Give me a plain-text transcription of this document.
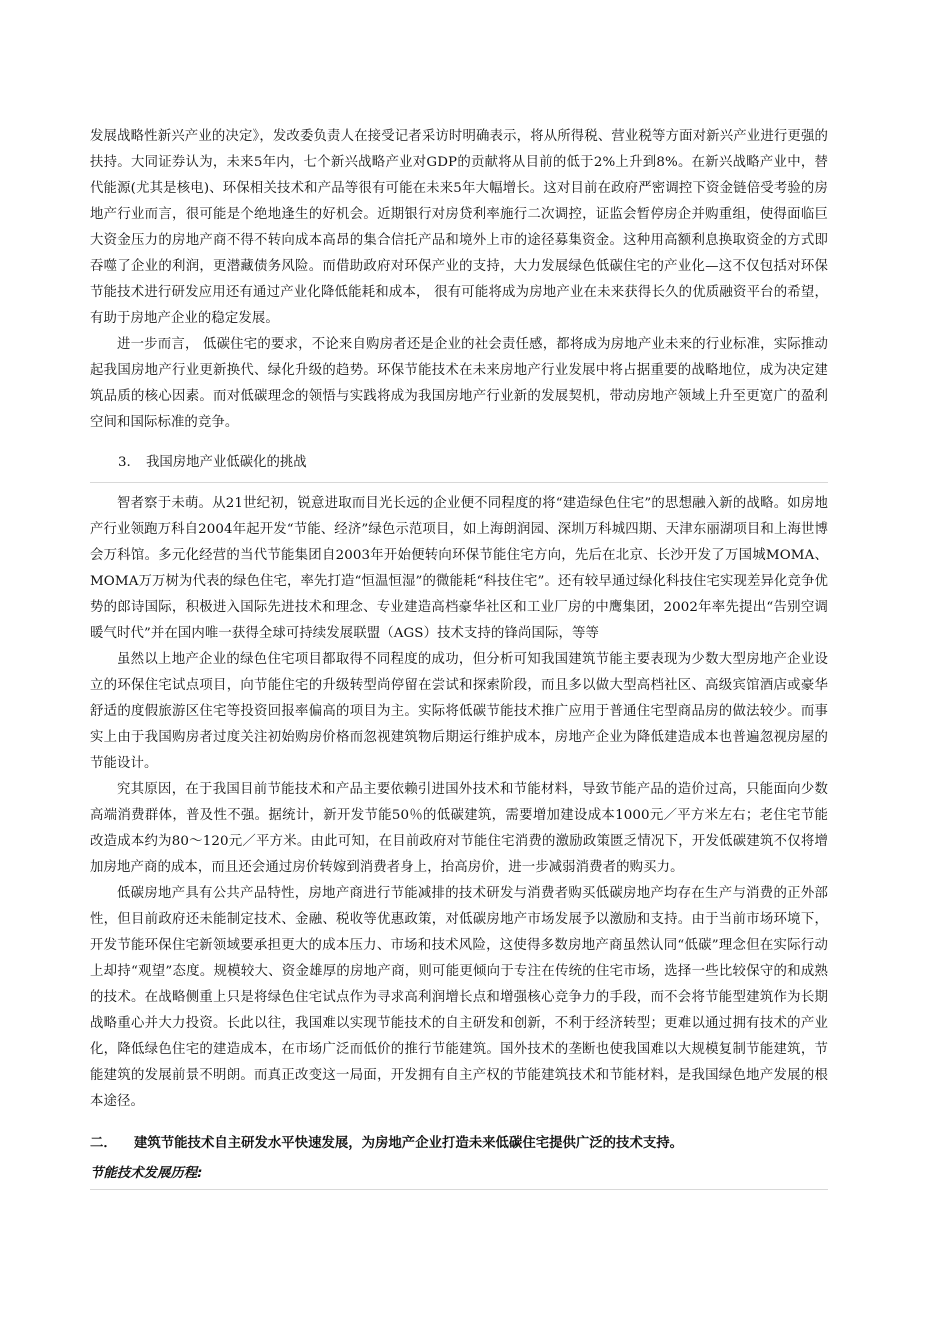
发展战略性新兴产业的决定》，发改委负责人在接受记者采访时明确表示，将从所得税、营业税等方面对新兴产业进行更强的扶持。大同证券认为，未来5年内，七个新兴战略产业对GDP的贡献将从目前的低于2%上升到8%。在新兴战略产业中，替代能源(尤其是核电)、环保相关技术和产品等很有可能在未来5年大幅增长。这对目前在政府严密调控下资金链倍受考验的房地产行业而言，很可能是个绝地逢生的好机会。近期银行对房贷利率施行二次调控，证监会暂停房企并购重组，使得面临巨大资金压力的房地产商不得不转向成本高昂的集合信托产品和境外上市的途径募集资金。这种用高额利息换取资金的方式即吞噬了企业的利润，更潜藏债务风险。而借助政府对环保产业的支持，大力发展绿色低碳住宅的产业化—这不仅包括对环保节能技术进行研发应用还有通过产业化降低能耗和成本， 很有可能将成为房地产业在未来获得长久的优质融资平台的希望，有助于房地产企业的稳定发展。

进一步而言， 低碳住宅的要求，不论来自购房者还是企业的社会责任感，都将成为房地产业未来的行业标准，实际推动起我国房地产行业更新换代、绿化升级的趋势。环保节能技术在未来房地产行业发展中将占据重要的战略地位，成为决定建筑品质的核心因素。而对低碳理念的领悟与实践将成为我国房地产行业新的发展契机，带动房地产领域上升至更宽广的盈利空间和国际标准的竞争。

3. 我国房地产业低碳化的挑战

智者察于未萌。从21世纪初，锐意进取而目光长远的企业便不同程度的将“建造绿色住宅”的思想融入新的战略。如房地产行业领跑万科自2004年起开发“节能、经济”绿色示范项目，如上海朗润园、深圳万科城四期、天津东丽湖项目和上海世博会万科馆。多元化经营的当代节能集团自2003年开始便转向环保节能住宅方向，先后在北京、长沙开发了万国城MOMA、MOMA万万树为代表的绿色住宅，率先打造“恒温恒湿”的微能耗“科技住宅”。还有较早通过绿化科技住宅实现差异化竞争优势的郎诗国际，积极进入国际先进技术和理念、专业建造高档豪华社区和工业厂房的中鹰集团，2002年率先提出“告别空调暖气时代”并在国内唯一获得全球可持续发展联盟（AGS）技术支持的锋尚国际，等等

虽然以上地产企业的绿色住宅项目都取得不同程度的成功，但分析可知我国建筑节能主要表现为少数大型房地产企业设立的环保住宅试点项目，向节能住宅的升级转型尚停留在尝试和探索阶段，而且多以做大型高档社区、高级宾馆酒店或豪华舒适的度假旅游区住宅等投资回报率偏高的项目为主。实际将低碳节能技术推广应用于普通住宅型商品房的做法较少。而事实上由于我国购房者过度关注初始购房价格而忽视建筑物后期运行维护成本，房地产企业为降低建造成本也普遍忽视房屋的节能设计。

究其原因，在于我国目前节能技术和产品主要依赖引进国外技术和节能材料，导致节能产品的造价过高，只能面向少数高端消费群体，普及性不强。据统计，新开发节能50％的低碳建筑，需要增加建设成本1000元／平方米左右；老住宅节能改造成本约为80～120元／平方米。由此可知，在目前政府对节能住宅消费的激励政策匮乏情况下，开发低碳建筑不仅将增加房地产商的成本，而且还会通过房价转嫁到消费者身上，抬高房价，进一步减弱消费者的购买力。

低碳房地产具有公共产品特性，房地产商进行节能减排的技术研发与消费者购买低碳房地产均存在生产与消费的正外部性，但目前政府还未能制定技术、金融、税收等优惠政策，对低碳房地产市场发展予以激励和支持。由于当前市场环境下，开发节能环保住宅新领域要承担更大的成本压力、市场和技术风险，这使得多数房地产商虽然认同“低碳”理念但在实际行动上却持“观望”态度。规模较大、资金雄厚的房地产商，则可能更倾向于专注在传统的住宅市场，选择一些比较保守的和成熟的技术。在战略侧重上只是将绿色住宅试点作为寻求高利润增长点和增强核心竞争力的手段，而不会将节能型建筑作为长期战略重心并大力投资。长此以往，我国难以实现节能技术的自主研发和创新，不利于经济转型；更难以通过拥有技术的产业化，降低绿色住宅的建造成本，在市场广泛而低价的推行节能建筑。国外技术的垄断也使我国难以大规模复制节能建筑，节能建筑的发展前景不明朗。而真正改变这一局面，开发拥有自主产权的节能建筑技术和节能材料，是我国绿色地产发展的根本途径。

二． 建筑节能技术自主研发水平快速发展，为房地产企业打造未来低碳住宅提供广泛的技术支持。
节能技术发展历程:
